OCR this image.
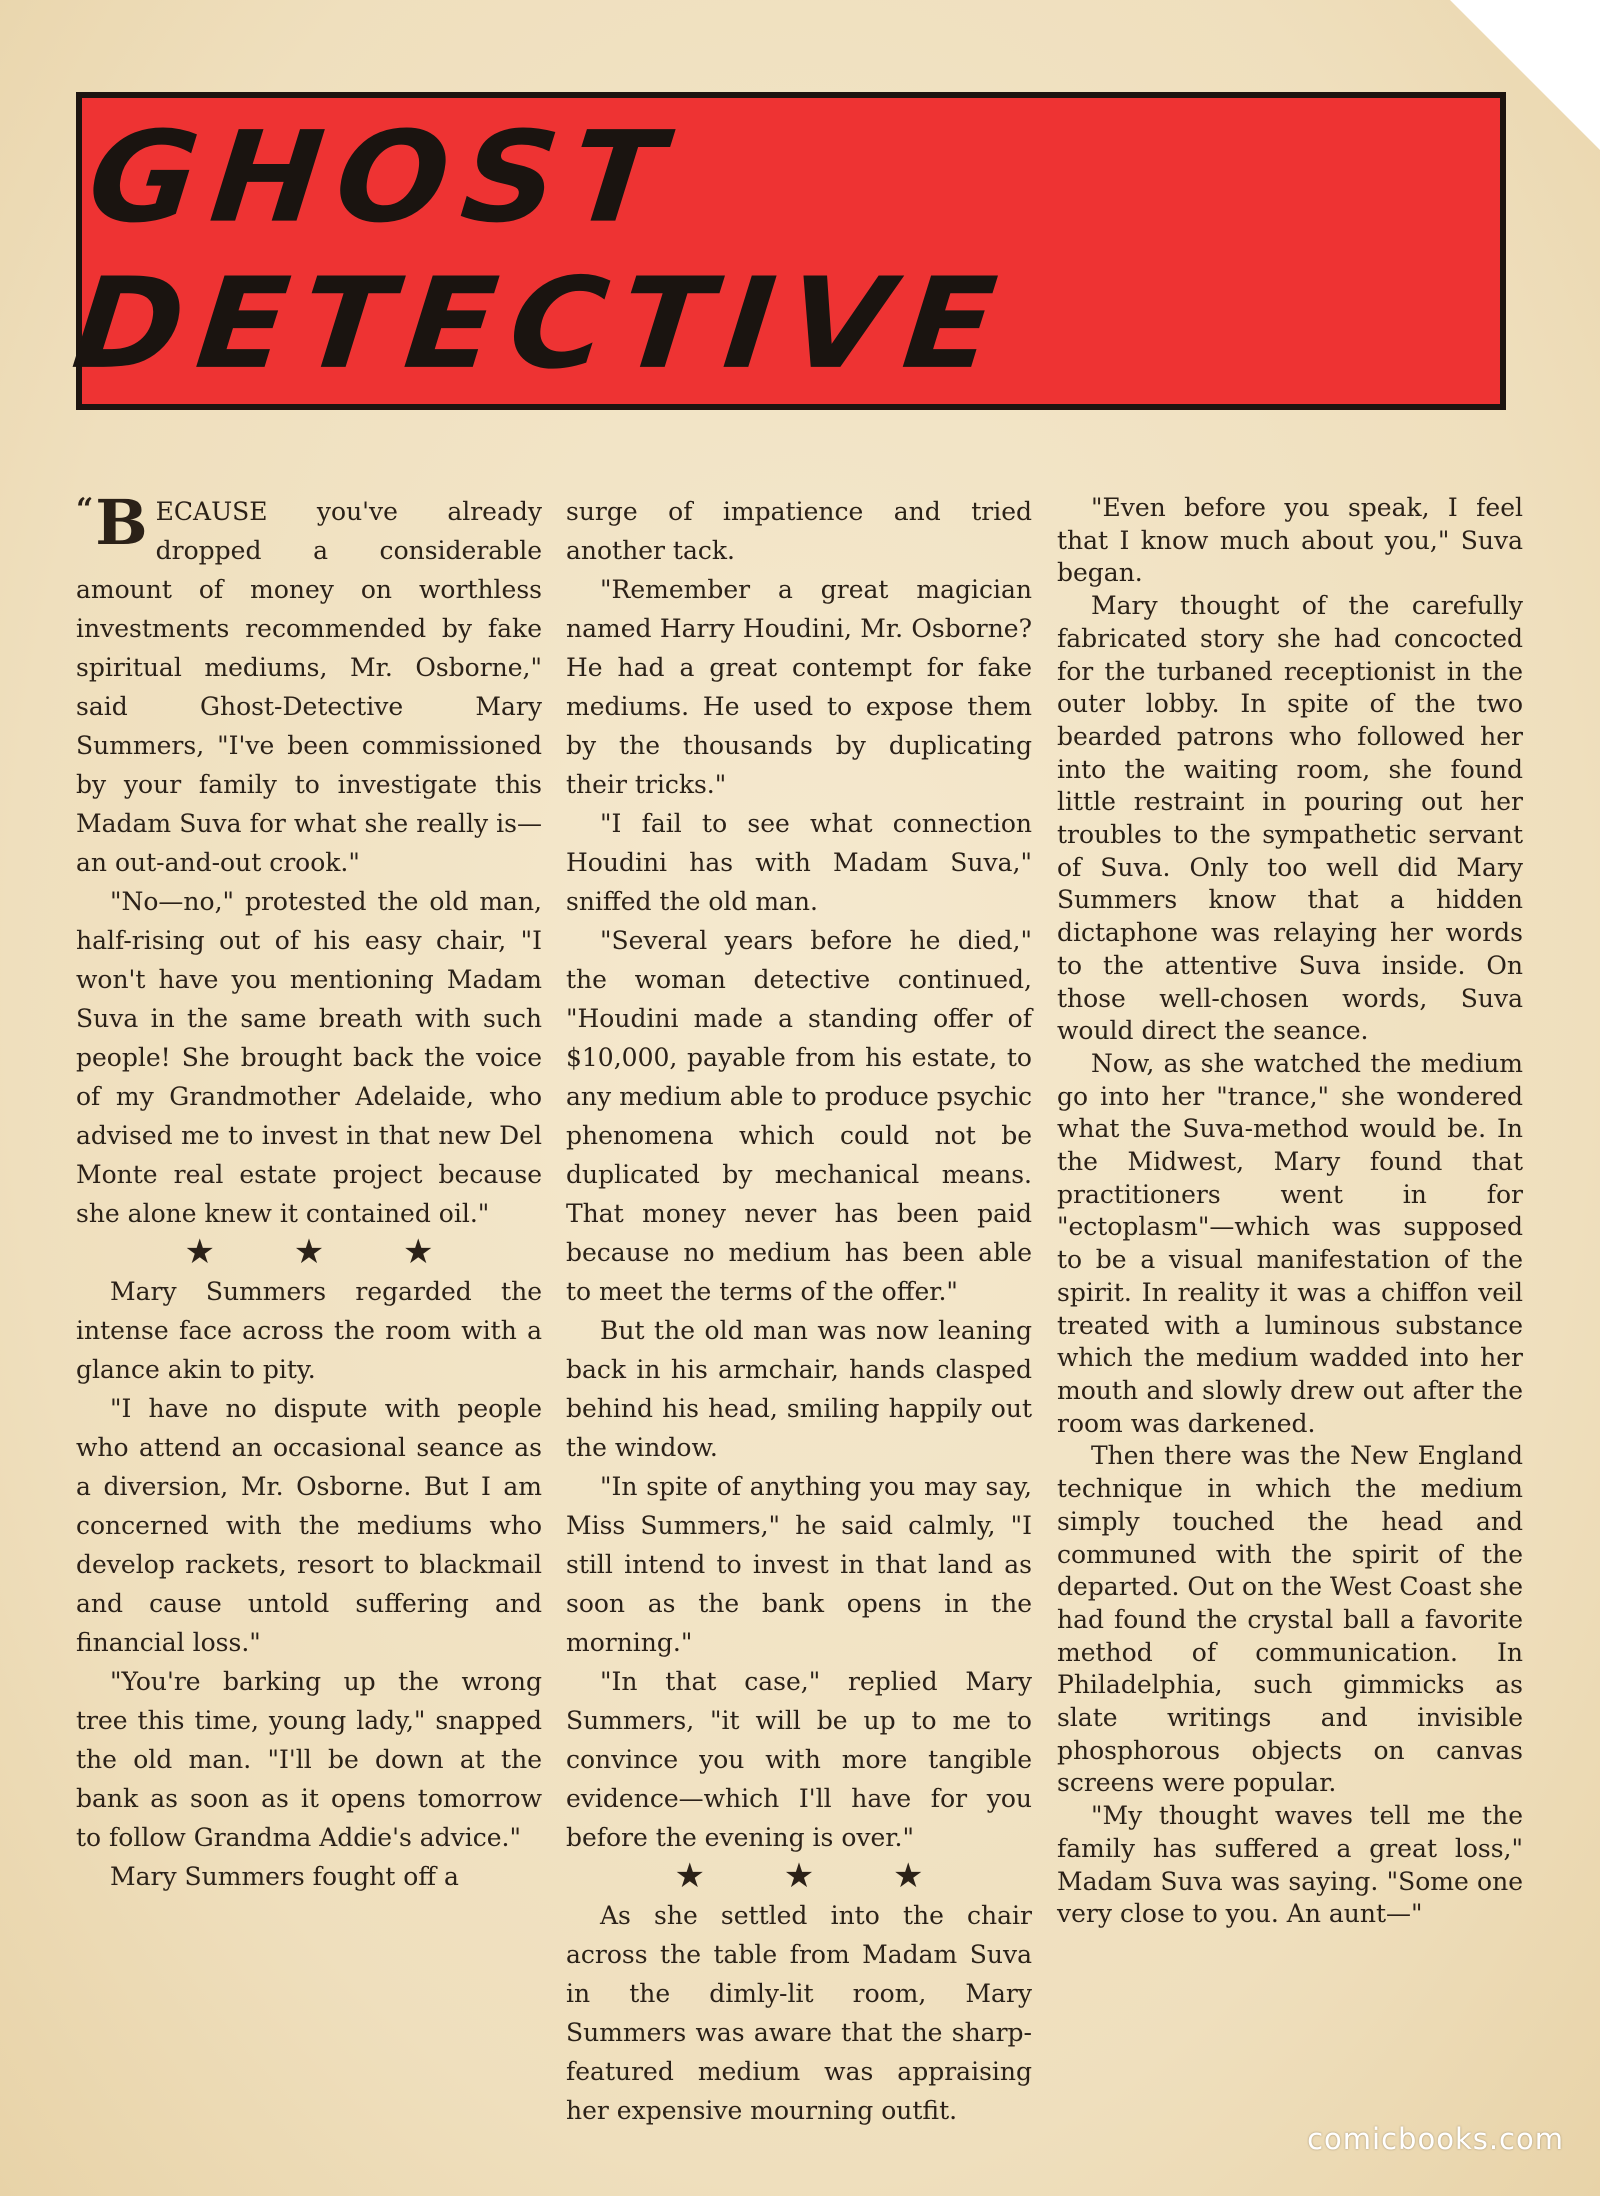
GHOST DETECTIVE

“ B ECAUSE you've already dropped a considerable amount of money on worthless investments recommended by fake spiritual mediums, Mr. Osborne," said Ghost-Detective Mary Summers, "I've been commissioned by your family to investigate this Madam Suva for what she really is—an out-and-out crook."

"No—no," protested the old man, half-rising out of his easy chair, "I won't have you mentioning Madam Suva in the same breath with such people! She brought back the voice of my Grandmother Adelaide, who advised me to invest in that new Del Monte real estate project because she alone knew it contained oil."

★ ★ ★

Mary Summers regarded the intense face across the room with a glance akin to pity.

"I have no dispute with people who attend an occasional seance as a diversion, Mr. Osborne. But I am concerned with the mediums who develop rackets, resort to blackmail and cause untold suffering and financial loss."

"You're barking up the wrong tree this time, young lady," snapped the old man. "I'll be down at the bank as soon as it opens tomorrow to follow Grandma Addie's advice."

Mary Summers fought off a

surge of impatience and tried another tack.

"Remember a great magician named Harry Houdini, Mr. Osborne? He had a great contempt for fake mediums. He used to expose them by the thousands by duplicating their tricks."

"I fail to see what connection Houdini has with Madam Suva," sniffed the old man.

"Several years before he died," the woman detective continued, "Houdini made a standing offer of $10,000, payable from his estate, to any medium able to produce psychic phenomena which could not be duplicated by mechanical means. That money never has been paid because no medium has been able to meet the terms of the offer."

But the old man was now leaning back in his armchair, hands clasped behind his head, smiling happily out the window.

"In spite of anything you may say, Miss Summers," he said calmly, "I still intend to invest in that land as soon as the bank opens in the morning."

"In that case," replied Mary Summers, "it will be up to me to convince you with more tangible evidence—which I'll have for you before the evening is over."

★ ★ ★

As she settled into the chair across the table from Madam Suva in the dimly-lit room, Mary Summers was aware that the sharp-featured medium was appraising her expensive mourning outfit.

"Even before you speak, I feel that I know much about you," Suva began.

Mary thought of the carefully fabricated story she had concocted for the turbaned receptionist in the outer lobby. In spite of the two bearded patrons who followed her into the waiting room, she found little restraint in pouring out her troubles to the sympathetic servant of Suva. Only too well did Mary Summers know that a hidden dictaphone was relaying her words to the attentive Suva inside. On those well-chosen words, Suva would direct the seance.

Now, as she watched the medium go into her "trance," she wondered what the Suva-method would be. In the Midwest, Mary found that practitioners went in for "ectoplasm"—which was supposed to be a visual manifestation of the spirit. In reality it was a chiffon veil treated with a luminous substance which the medium wadded into her mouth and slowly drew out after the room was darkened.

Then there was the New England technique in which the medium simply touched the head and communed with the spirit of the departed. Out on the West Coast she had found the crystal ball a favorite method of communication. In Philadelphia, such gimmicks as slate writings and invisible phosphorous objects on canvas screens were popular.

"My thought waves tell me the family has suffered a great loss," Madam Suva was saying. "Some one very close to you. An aunt—"

comicbooks.com
